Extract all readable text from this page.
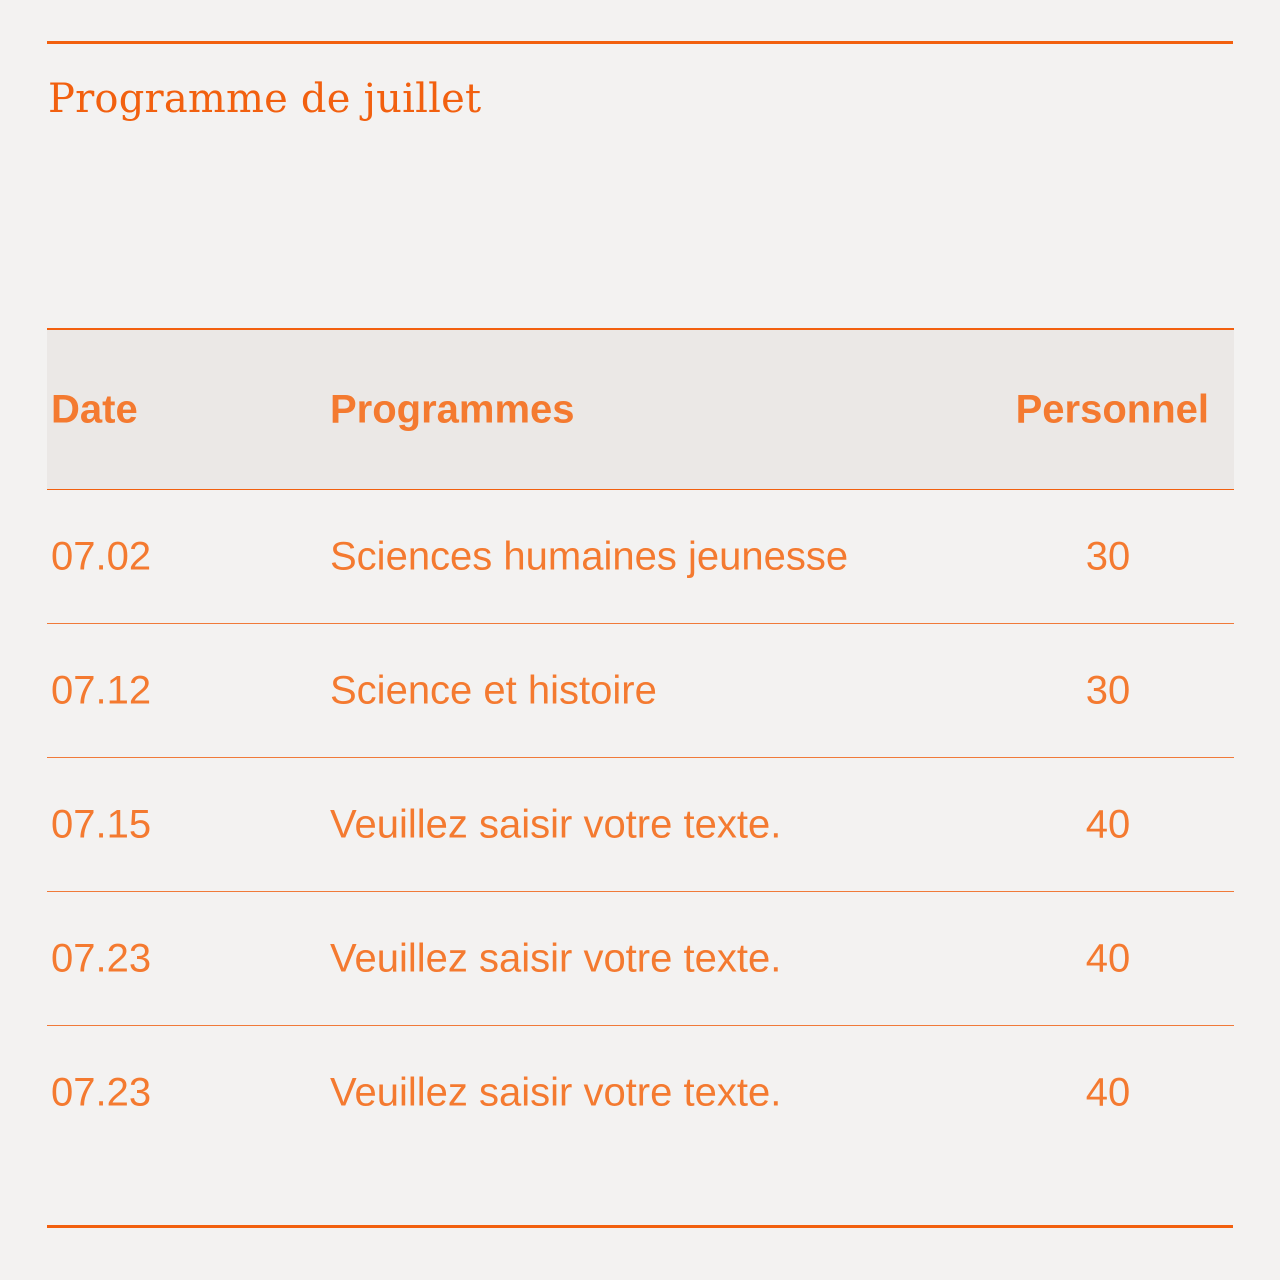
Programme de juillet
Date	Programmes	Personnel
07.02	Sciences humaines jeunesse	30
07.12	Science et histoire	30
07.15	Veuillez saisir votre texte.	40
07.23	Veuillez saisir votre texte.	40
07.23	Veuillez saisir votre texte.	40
